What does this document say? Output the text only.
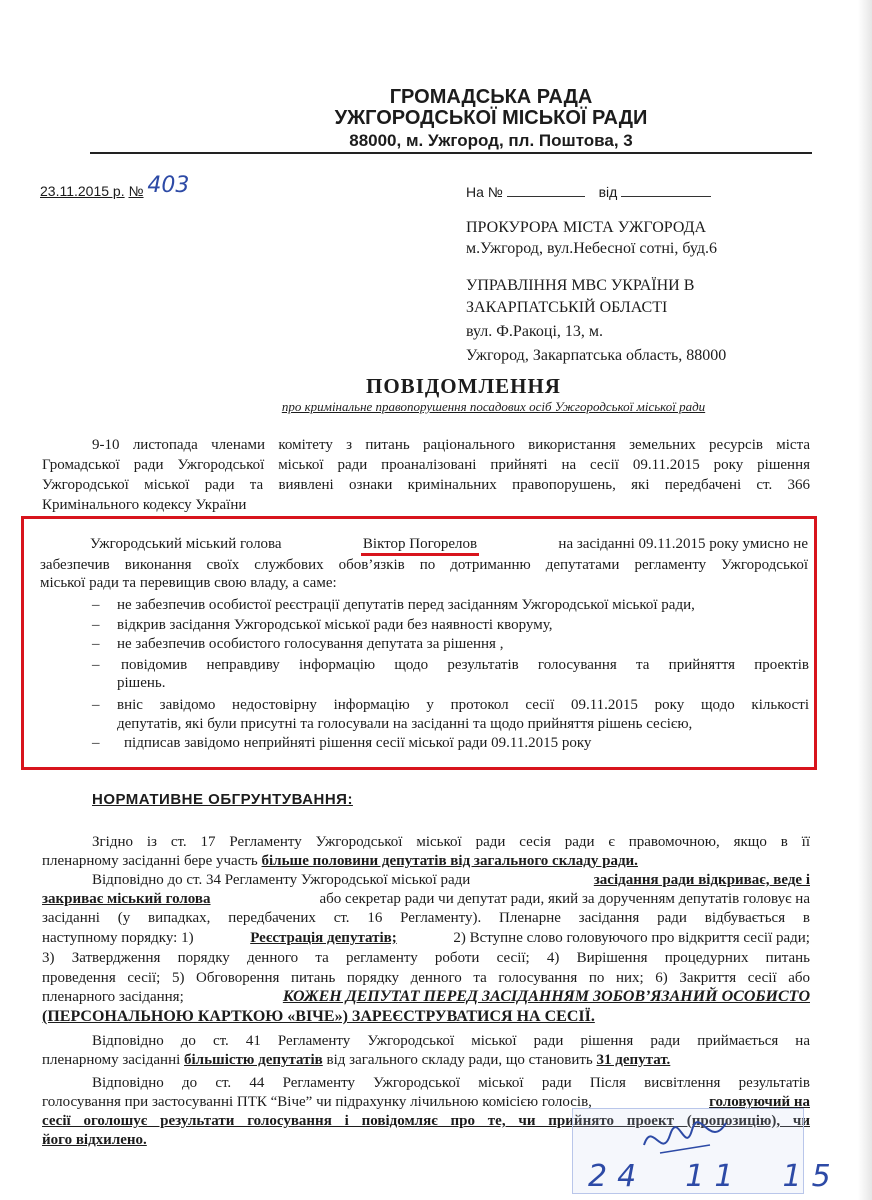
ГРОМАДСЬКА РАДА
УЖГОРОДСЬКОЇ МІСЬКОЇ РАДИ
88000, м. Ужгород, пл. Поштова, 3
23.11.2015 р. № 403	На №	від
ПРОКУРОРА МІСТА УЖГОРОДА
м.Ужгород, вул.Небесної сотні, буд.6
УПРАВЛІННЯ МВС УКРАЇНИ В
ЗАКАРПАТСЬКІЙ ОБЛАСТІ
вул. Ф.Ракоці, 13, м.
Ужгород, Закарпатська область, 88000
ПОВІДОМЛЕННЯ
про кримінальне правопорушення посадових осіб Ужгородської міської ради
9-10 листопада членами комітету з питань раціонального використання земельних ресурсів міста
Громадської ради Ужгородської міської ради проаналізовані прийняті на сесії 09.11.2015 року рішення
Ужгородської міської ради та виявлені ознаки кримінальних правопорушень, які передбачені ст. 366
Кримінального кодексу України
Ужгородський міський голова	Віктор Погорелов	на засіданні 09.11.2015 року умисно не
забезпечив виконання своїх службових обов’язків по дотриманню депутатами регламенту Ужгородської
міської ради та перевищив свою владу, а саме:
– не забезпечив особистої реєстрації депутатів перед засіданням Ужгородської міської ради,
– відкрив засідання Ужгородської міської ради без наявності кворуму,
– не забезпечив особистого голосування депутата за рішення ,
– повідомив неправдиву інформацію щодо результатів голосування та прийняття проектів
рішень.
– вніс завідомо недостовірну інформацію у протокол сесії 09.11.2015 року щодо кількості
депутатів, які були присутні та голосували на засіданні та щодо прийняття рішень сесією,
– підписав завідомо неприйняті рішення сесії міської ради 09.11.2015 року
НОРМАТИВНЕ ОБГРУНТУВАННЯ:
Згідно із ст. 17 Регламенту Ужгородської міської ради сесія ради є правомочною, якщо в її
пленарному засіданні бере участь більше половини депутатів від загального складу ради.
Відповідно до ст. 34 Регламенту Ужгородської міської ради	засідання ради відкриває, веде і
закриває міський голова	або секретар ради чи депутат ради, який за дорученням депутатів головує на
засіданні (у випадках, передбачених ст. 16 Регламенту). Пленарне засідання ради відбувається в
наступному порядку: 1)	Реєстрація депутатів;	2) Вступне слово головуючого про відкриття сесії ради;
3) Затвердження порядку денного та регламенту роботи сесії; 4) Вирішення процедурних питань
проведення сесії; 5) Обговорення питань порядку денного та голосування по них; 6) Закриття сесії або
пленарного засідання;	КОЖЕН ДЕПУТАТ ПЕРЕД ЗАСІДАННЯМ ЗОБОВ’ЯЗАНИЙ ОСОБИСТО
(ПЕРСОНАЛЬНОЮ КАРТКОЮ «ВІЧЕ») ЗАРЕЄСТРУВАТИСЯ НА СЕСІЇ.
Відповідно до ст. 41 Регламенту Ужгородської міської ради рішення ради приймається на
пленарному засіданні більшістю депутатів від загального складу ради, що становить 31 депутат.
Відповідно до ст. 44 Регламенту Ужгородської міської ради Після висвітлення результатів
голосування при застосуванні ПТК “Віче” чи підрахунку лічильною комісією голосів,	головуючий на
сесії оголошує результати голосування і повідомляє про те, чи прийнято проект (пропозицію), чи
його відхилено.
24  11  15
